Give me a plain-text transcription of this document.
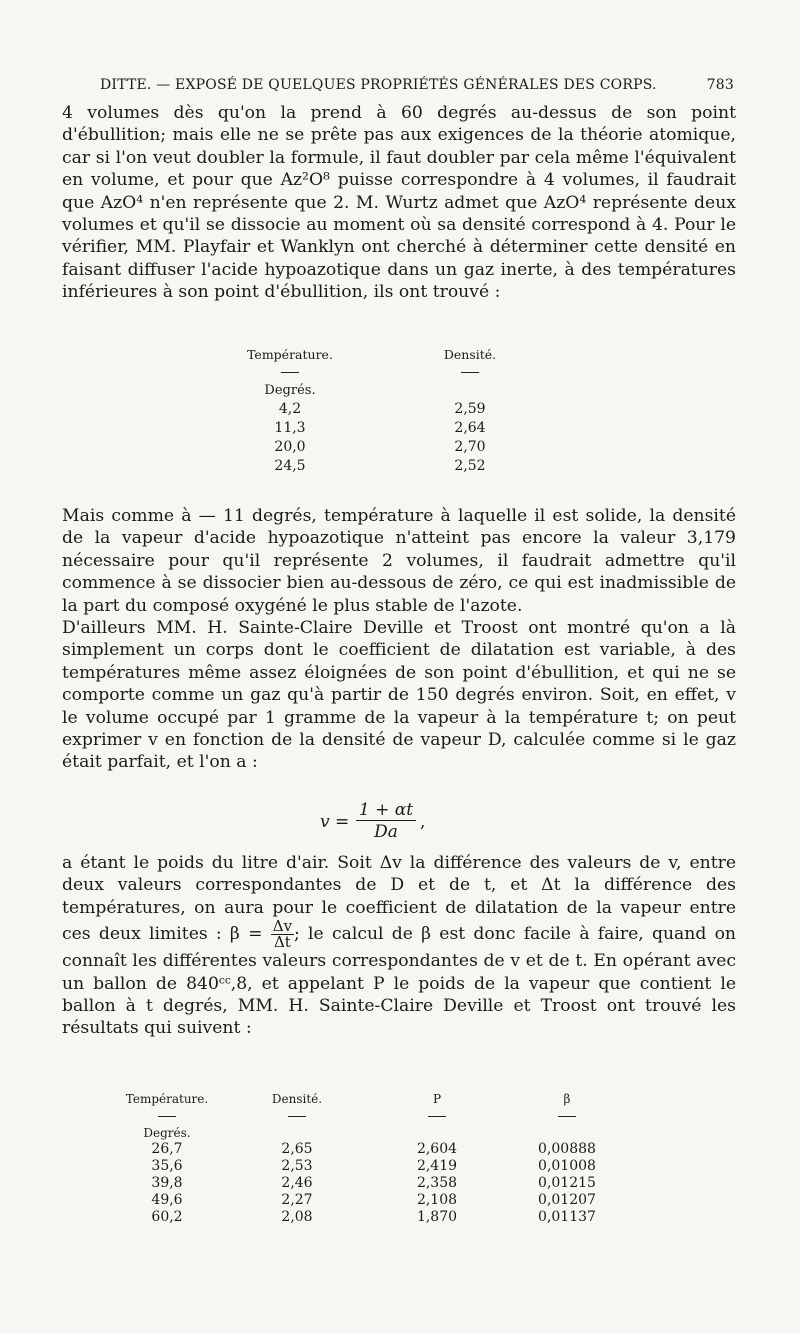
DITTE. — EXPOSÉ DE QUELQUES PROPRIÉTÉS GÉNÉRALES DES CORPS.	783

4 volumes dès qu'on la prend à 60 degrés au-dessus de son point d'ébullition; mais elle ne se prête pas aux exigences de la théorie atomique, car si l'on veut doubler la formule, il faut doubler par cela même l'équivalent en volume, et pour que Az²O⁸ puisse correspondre à 4 volumes, il faudrait que AzO⁴ n'en représente que 2. M. Wurtz admet que AzO⁴ représente deux volumes et qu'il se dissocie au moment où sa densité correspond à 4. Pour le vérifier, MM. Playfair et Wanklyn ont cherché à déterminer cette densité en faisant diffuser l'acide hypoazotique dans un gaz inerte, à des températures inférieures à son point d'ébullition, ils ont trouvé :

Température.	Densité.
Degrés.
4,2	2,59
11,3	2,64
20,0	2,70
24,5	2,52

Mais comme à — 11 degrés, température à laquelle il est solide, la densité de la vapeur d'acide hypoazotique n'atteint pas encore la valeur 3,179 nécessaire pour qu'il représente 2 volumes, il faudrait admettre qu'il commence à se dissocier bien au-dessous de zéro, ce qui est inadmissible de la part du composé oxygéné le plus stable de l'azote.

D'ailleurs MM. H. Sainte-Claire Deville et Troost ont montré qu'on a là simplement un corps dont le coefficient de dilatation est variable, à des températures même assez éloignées de son point d'ébullition, et qui ne se comporte comme un gaz qu'à partir de 150 degrés environ. Soit, en effet, v le volume occupé par 1 gramme de la vapeur à la température t; on peut exprimer v en fonction de la densité de vapeur D, calculée comme si le gaz était parfait, et l'on a :

v =
1 + αt
Da	,

a étant le poids du litre d'air. Soit Δv la différence des valeurs de v, entre deux valeurs correspondantes de D et de t, et Δt la différence des températures, on aura pour le coefficient de dilatation de la vapeur entre ces deux limites : $\beta = \frac{\Delta v}{\Delta t}$ ; le calcul de β est donc facile à faire, quand on connaît les différentes valeurs correspondantes de v et de t. En opérant avec un ballon de 840ᶜᶜ,8, et appelant P le poids de la vapeur que contient le ballon à t degrés, MM. H. Sainte-Claire Deville et Troost ont trouvé les résultats qui suivent :

Température.	Densité.	P	β
Degrés.
26,7	2,65	2,604	0,00888
35,6	2,53	2,419	0,01008
39,8	2,46	2,358	0,01215
49,6	2,27	2,108	0,01207
60,2	2,08	1,870	0,01137
